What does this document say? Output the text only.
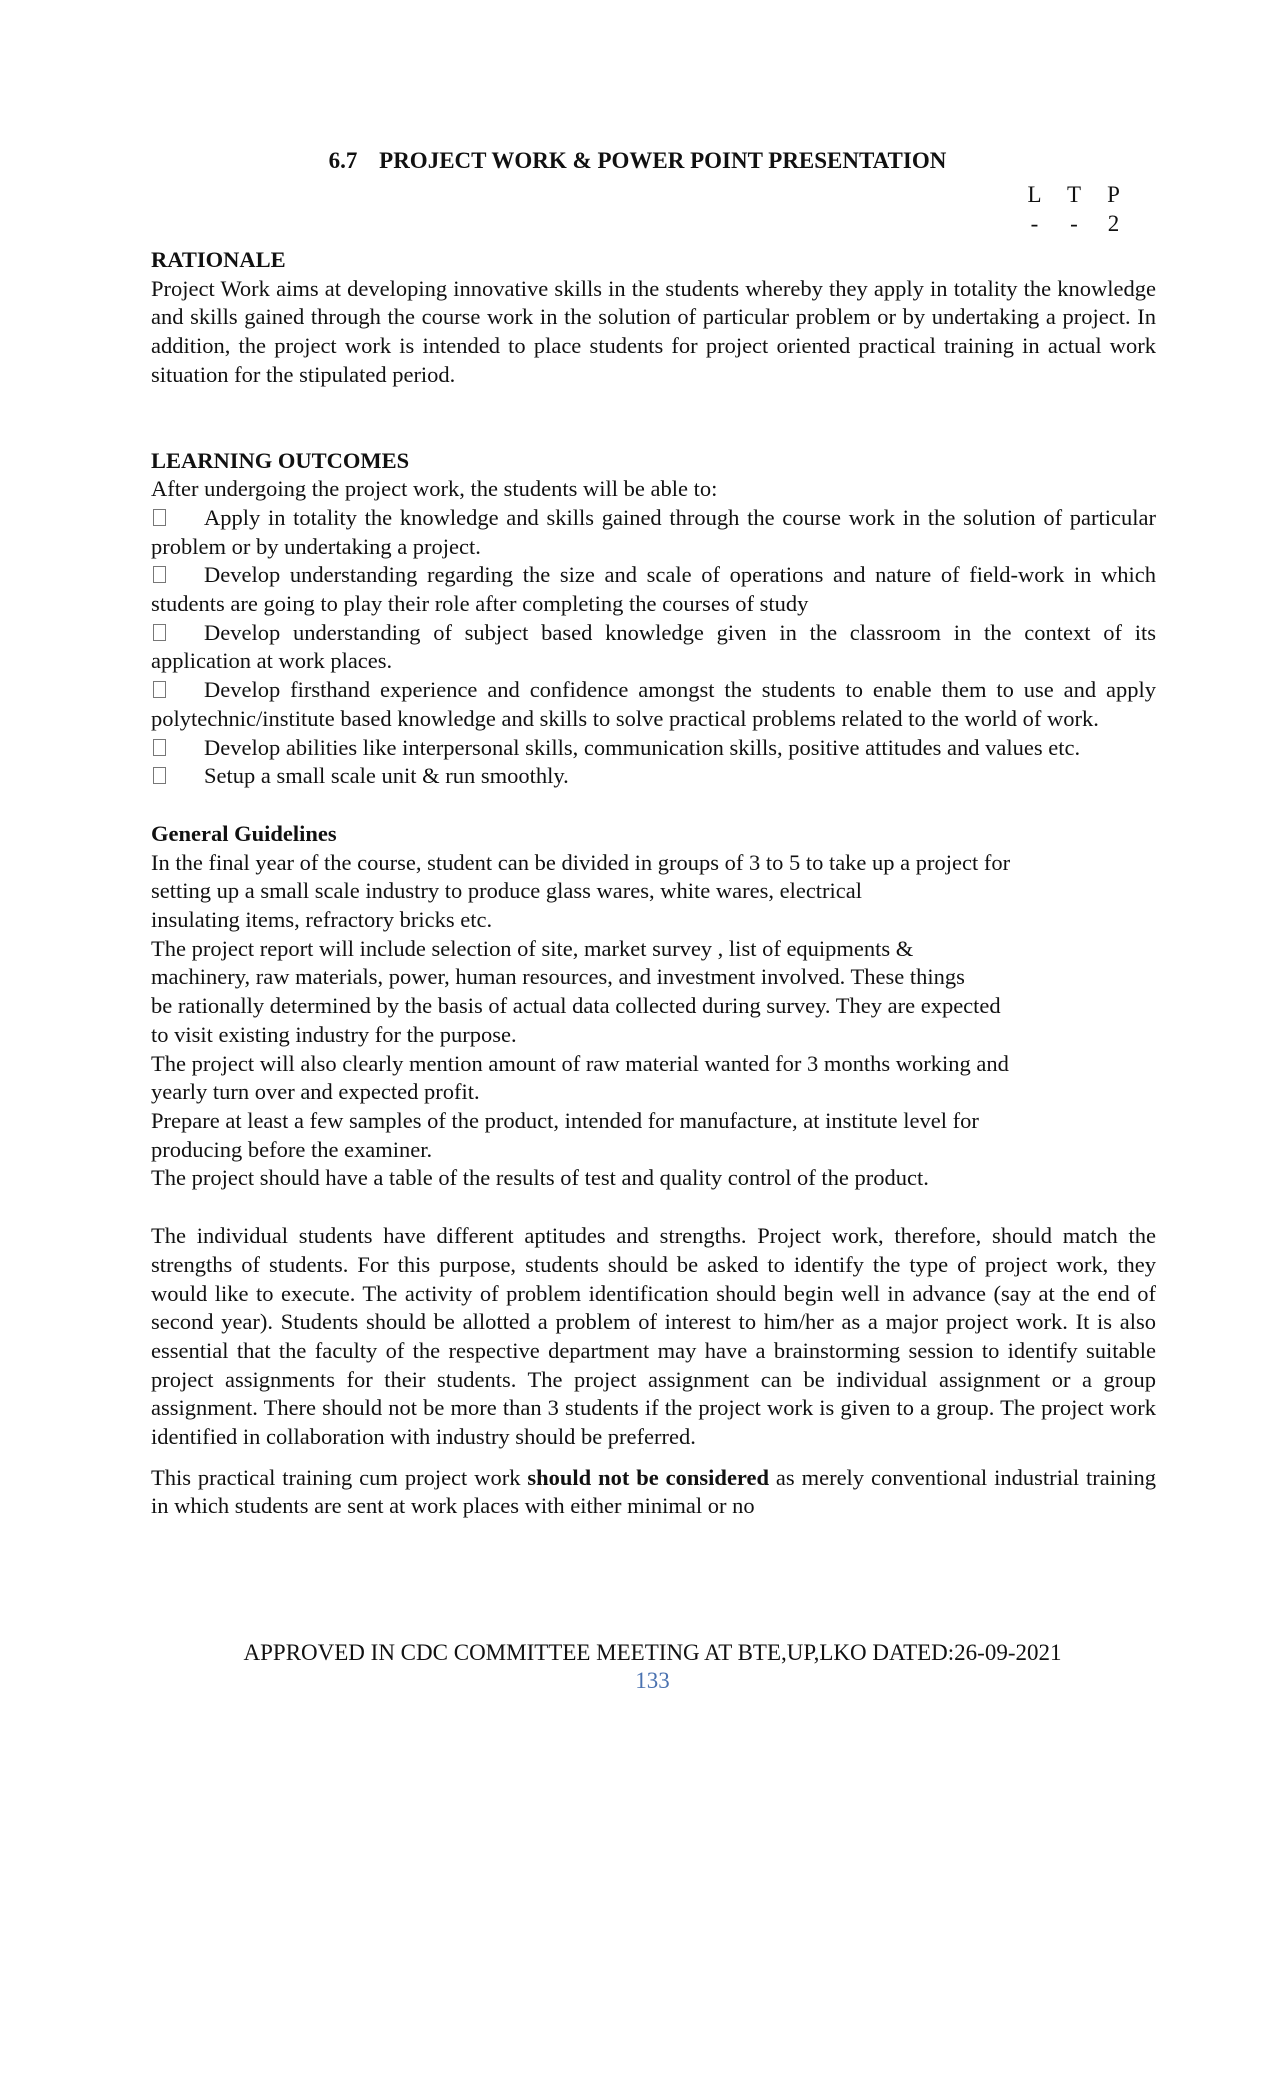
6.7 PROJECT WORK & POWER POINT PRESENTATION
L	T	P
-	-	2

RATIONALE

Project Work aims at developing innovative skills in the students whereby they apply in totality the knowledge and skills gained through the course work in the solution of particular problem or by undertaking a project. In addition, the project work is intended to place students for project oriented practical training in actual work situation for the stipulated period.

LEARNING OUTCOMES

After undergoing the project work, the students will be able to:

Apply in totality the knowledge and skills gained through the course work in the solution of particular problem or by undertaking a project.

Develop understanding regarding the size and scale of operations and nature of field-work in which students are going to play their role after completing the courses of study

Develop understanding of subject based knowledge given in the classroom in the context of its application at work places.

Develop firsthand experience and confidence amongst the students to enable them to use and apply polytechnic/institute based knowledge and skills to solve practical problems related to the world of work.

Develop abilities like interpersonal skills, communication skills, positive attitudes and values etc.

Setup a small scale unit & run smoothly.

General Guidelines

In the final year of the course, student can be divided in groups of 3 to 5 to take up a project for

setting up a small scale industry to produce glass wares, white wares, electrical

insulating items, refractory bricks etc.

The project report will include selection of site, market survey , list of equipments &

machinery, raw materials, power, human resources, and investment involved. These things

be rationally determined by the basis of actual data collected during survey. They are expected

to visit existing industry for the purpose.

The project will also clearly mention amount of raw material wanted for 3 months working and

yearly turn over and expected profit.

Prepare at least a few samples of the product, intended for manufacture, at institute level for

producing before the examiner.

The project should have a table of the results of test and quality control of the product.

The individual students have different aptitudes and strengths. Project work, therefore, should match the strengths of students. For this purpose, students should be asked to identify the type of project work, they would like to execute. The activity of problem identification should begin well in advance (say at the end of second year). Students should be allotted a problem of interest to him/her as a major project work. It is also essential that the faculty of the respective department may have a brainstorming session to identify suitable project assignments for their students. The project assignment can be individual assignment or a group assignment. There should not be more than 3 students if the project work is given to a group. The project work identified in collaboration with industry should be preferred.

This practical training cum project work should not be considered as merely conventional industrial training in which students are sent at work places with either minimal or no

APPROVED IN CDC COMMITTEE MEETING AT BTE,UP,LKO DATED:26-09-2021
133
